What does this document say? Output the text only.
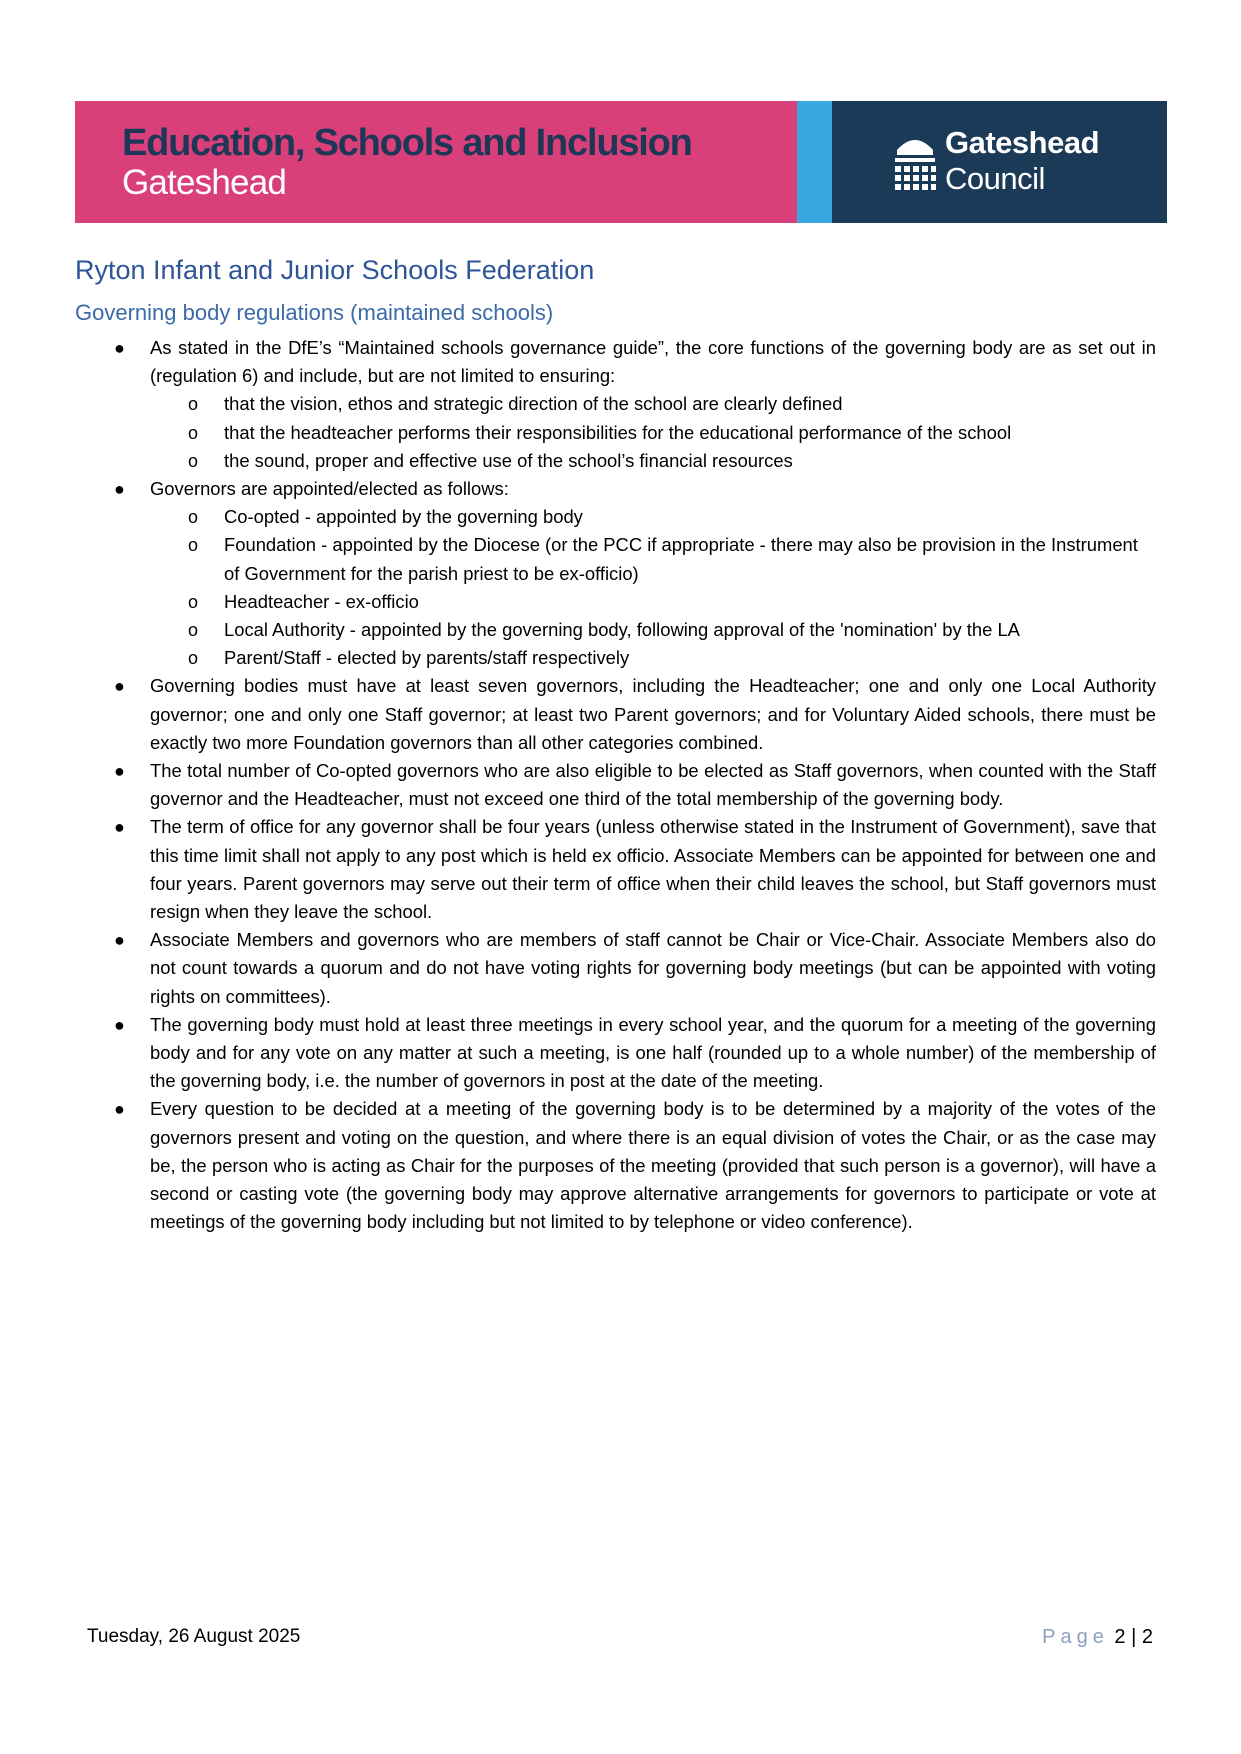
Education, Schools and Inclusion
Gateshead
Gateshead
Council
Ryton Infant and Junior Schools Federation
Governing body regulations (maintained schools)
● As stated in the DfE’s “Maintained schools governance guide”, the core functions of the governing body are as set out in (regulation 6) and include, but are not limited to ensuring:
o that the vision, ethos and strategic direction of the school are clearly defined
o that the headteacher performs their responsibilities for the educational performance of the school
o the sound, proper and effective use of the school’s financial resources
● Governors are appointed/elected as follows:
o Co-opted - appointed by the governing body
o Foundation - appointed by the Diocese (or the PCC if appropriate - there may also be provision in the Instrument of Government for the parish priest to be ex-officio)
o Headteacher - ex-officio
o Local Authority - appointed by the governing body, following approval of the 'nomination' by the LA
o Parent/Staff - elected by parents/staff respectively
● Governing bodies must have at least seven governors, including the Headteacher; one and only one Local Authority governor; one and only one Staff governor; at least two Parent governors; and for Voluntary Aided schools, there must be exactly two more Foundation governors than all other categories combined.
● The total number of Co-opted governors who are also eligible to be elected as Staff governors, when counted with the Staff governor and the Headteacher, must not exceed one third of the total membership of the governing body.
● The term of office for any governor shall be four years (unless otherwise stated in the Instrument of Government), save that this time limit shall not apply to any post which is held ex officio. Associate Members can be appointed for between one and four years. Parent governors may serve out their term of office when their child leaves the school, but Staff governors must resign when they leave the school.
● Associate Members and governors who are members of staff cannot be Chair or Vice-Chair. Associate Members also do not count towards a quorum and do not have voting rights for governing body meetings (but can be appointed with voting rights on committees).
● The governing body must hold at least three meetings in every school year, and the quorum for a meeting of the governing body and for any vote on any matter at such a meeting, is one half (rounded up to a whole number) of the membership of the governing body, i.e. the number of governors in post at the date of the meeting.
● Every question to be decided at a meeting of the governing body is to be determined by a majority of the votes of the governors present and voting on the question, and where there is an equal division of votes the Chair, or as the case may be, the person who is acting as Chair for the purposes of the meeting (provided that such person is a governor), will have a second or casting vote (the governing body may approve alternative arrangements for governors to participate or vote at meetings of the governing body including but not limited to by telephone or video conference).
Tuesday, 26 August 2025	Page 2 | 2
